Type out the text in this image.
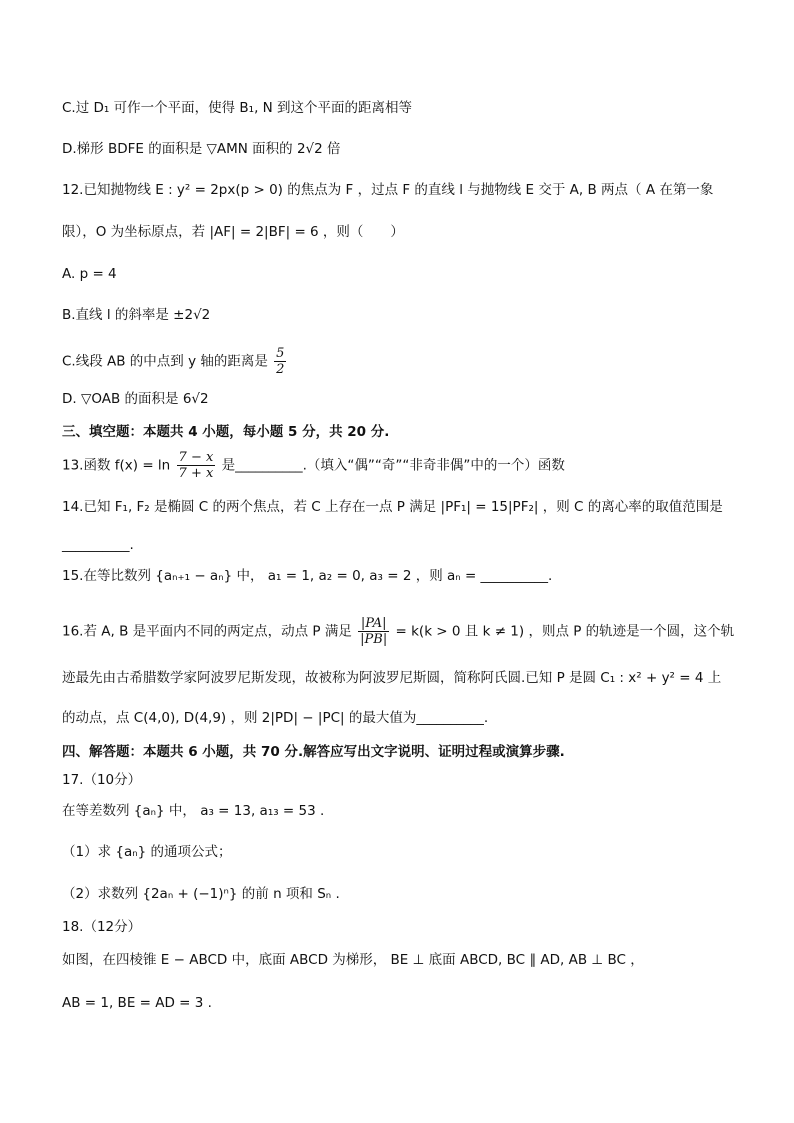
C.过 D₁ 可作一个平面，使得 B₁, N 到这个平面的距离相等
D.梯形 BDFE 的面积是 ▽AMN 面积的 2√2 倍
12.已知抛物线 E : y² = 2px(p > 0) 的焦点为 F ，过点 F 的直线 l 与抛物线 E 交于 A, B 两点（ A 在第一象
限），O 为坐标原点，若 |AF| = 2|BF| = 6 ，则（　　）
A. p = 4
B.直线 l 的斜率是 ±2√2
C.线段 AB 的中点到 y 轴的距离是 $\frac{5}{2}$
D. ▽OAB 的面积是 6√2
三、填空题：本题共 4 小题，每小题 5 分，共 20 分.
13.函数 $f(x) = \ln \frac{7 - x}{7 + x}$ 是__________.（填入“偶”“奇”“非奇非偶”中的一个）函数
14.已知 F₁, F₂ 是椭圆 C 的两个焦点，若 C 上存在一点 P 满足 |PF₁| = 15|PF₂| ，则 C 的离心率的取值范围是
__________.
15.在等比数列 {aₙ₊₁ − aₙ} 中， a₁ = 1, a₂ = 0, a₃ = 2 ，则 aₙ = __________.
16.若 A, B 是平面内不同的两定点，动点 P 满足 $\frac{|PA|}{|PB|} = k(k > 0$ 且 k ≠ 1) ，则点 P 的轨迹是一个圆，这个轨
迹最先由古希腊数学家阿波罗尼斯发现，故被称为阿波罗尼斯圆，简称阿氏圆.已知 P 是圆 C₁ : x² + y² = 4 上
的动点，点 C(4,0), D(4,9) ，则 2|PD| − |PC| 的最大值为__________.
四、解答题：本题共 6 小题，共 70 分.解答应写出文字说明、证明过程或演算步骤.
17.（10分）
在等差数列 {aₙ} 中， a₃ = 13, a₁₃ = 53 .
（1）求 {aₙ} 的通项公式；
（2）求数列 {2aₙ + (−1)ⁿ} 的前 n 项和 Sₙ .
18.（12分）
如图，在四棱锥 E − ABCD 中，底面 ABCD 为梯形， BE ⊥ 底面 ABCD, BC ∥ AD, AB ⊥ BC ，
AB = 1, BE = AD = 3 .
